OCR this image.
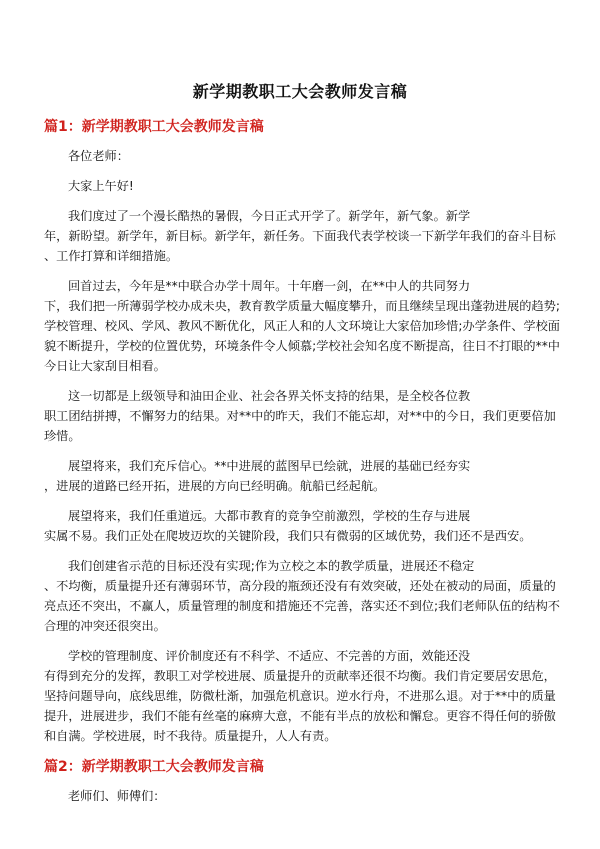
新学期教职工大会教师发言稿
篇1：新学期教职工大会教师发言稿

各位老师：

大家上午好!

我们度过了一个漫长酷热的暑假，今日正式开学了。新学年，新气象。新学
年，新盼望。新学年，新目标。新学年，新任务。下面我代表学校谈一下新学年我们的奋斗目标
、工作打算和详细措施。

回首过去，今年是**中联合办学十周年。十年磨一剑，在**中人的共同努力
下，我们把一所薄弱学校办成未央，教育教学质量大幅度攀升，而且继续呈现出蓬勃进展的趋势;
学校管理、校风、学风、教风不断优化，风正人和的人文环境让大家倍加珍惜;办学条件、学校面
貌不断提升，学校的位置优势，环境条件令人倾慕;学校社会知名度不断提高，往日不打眼的**中
今日让大家刮目相看。

这一切都是上级领导和油田企业、社会各界关怀支持的结果，是全校各位教
职工团结拼搏，不懈努力的结果。对**中的昨天，我们不能忘却，对**中的今日，我们更要倍加
珍惜。

展望将来，我们充斥信心。**中进展的蓝图早已绘就，进展的基础已经夯实
，进展的道路已经开拓，进展的方向已经明确。航船已经起航。

展望将来，我们任重道远。大都市教育的竞争空前激烈，学校的生存与进展
实属不易。我们正处在爬坡迈坎的关键阶段，我们只有微弱的区域优势，我们还不是西安。

我们创建省示范的目标还没有实现;作为立校之本的教学质量，进展还不稳定
、不均衡，质量提升还有薄弱环节，高分段的瓶颈还没有有效突破，还处在被动的局面，质量的
亮点还不突出，不赢人，质量管理的制度和措施还不完善，落实还不到位;我们老师队伍的结构不
合理的冲突还很突出。

学校的管理制度、评价制度还有不科学、不适应、不完善的方面，效能还没
有得到充分的发挥，教职工对学校进展、质量提升的贡献率还很不均衡。我们肯定要居安思危，
坚持问题导向，底线思维，防微杜渐，加强危机意识。逆水行舟，不进那么退。对于**中的质量
提升，进展进步，我们不能有丝毫的麻痹大意，不能有半点的放松和懈怠。更容不得任何的骄傲
和自满。学校进展，时不我待。质量提升，人人有责。

篇2：新学期教职工大会教师发言稿

老师们、师傅们：
